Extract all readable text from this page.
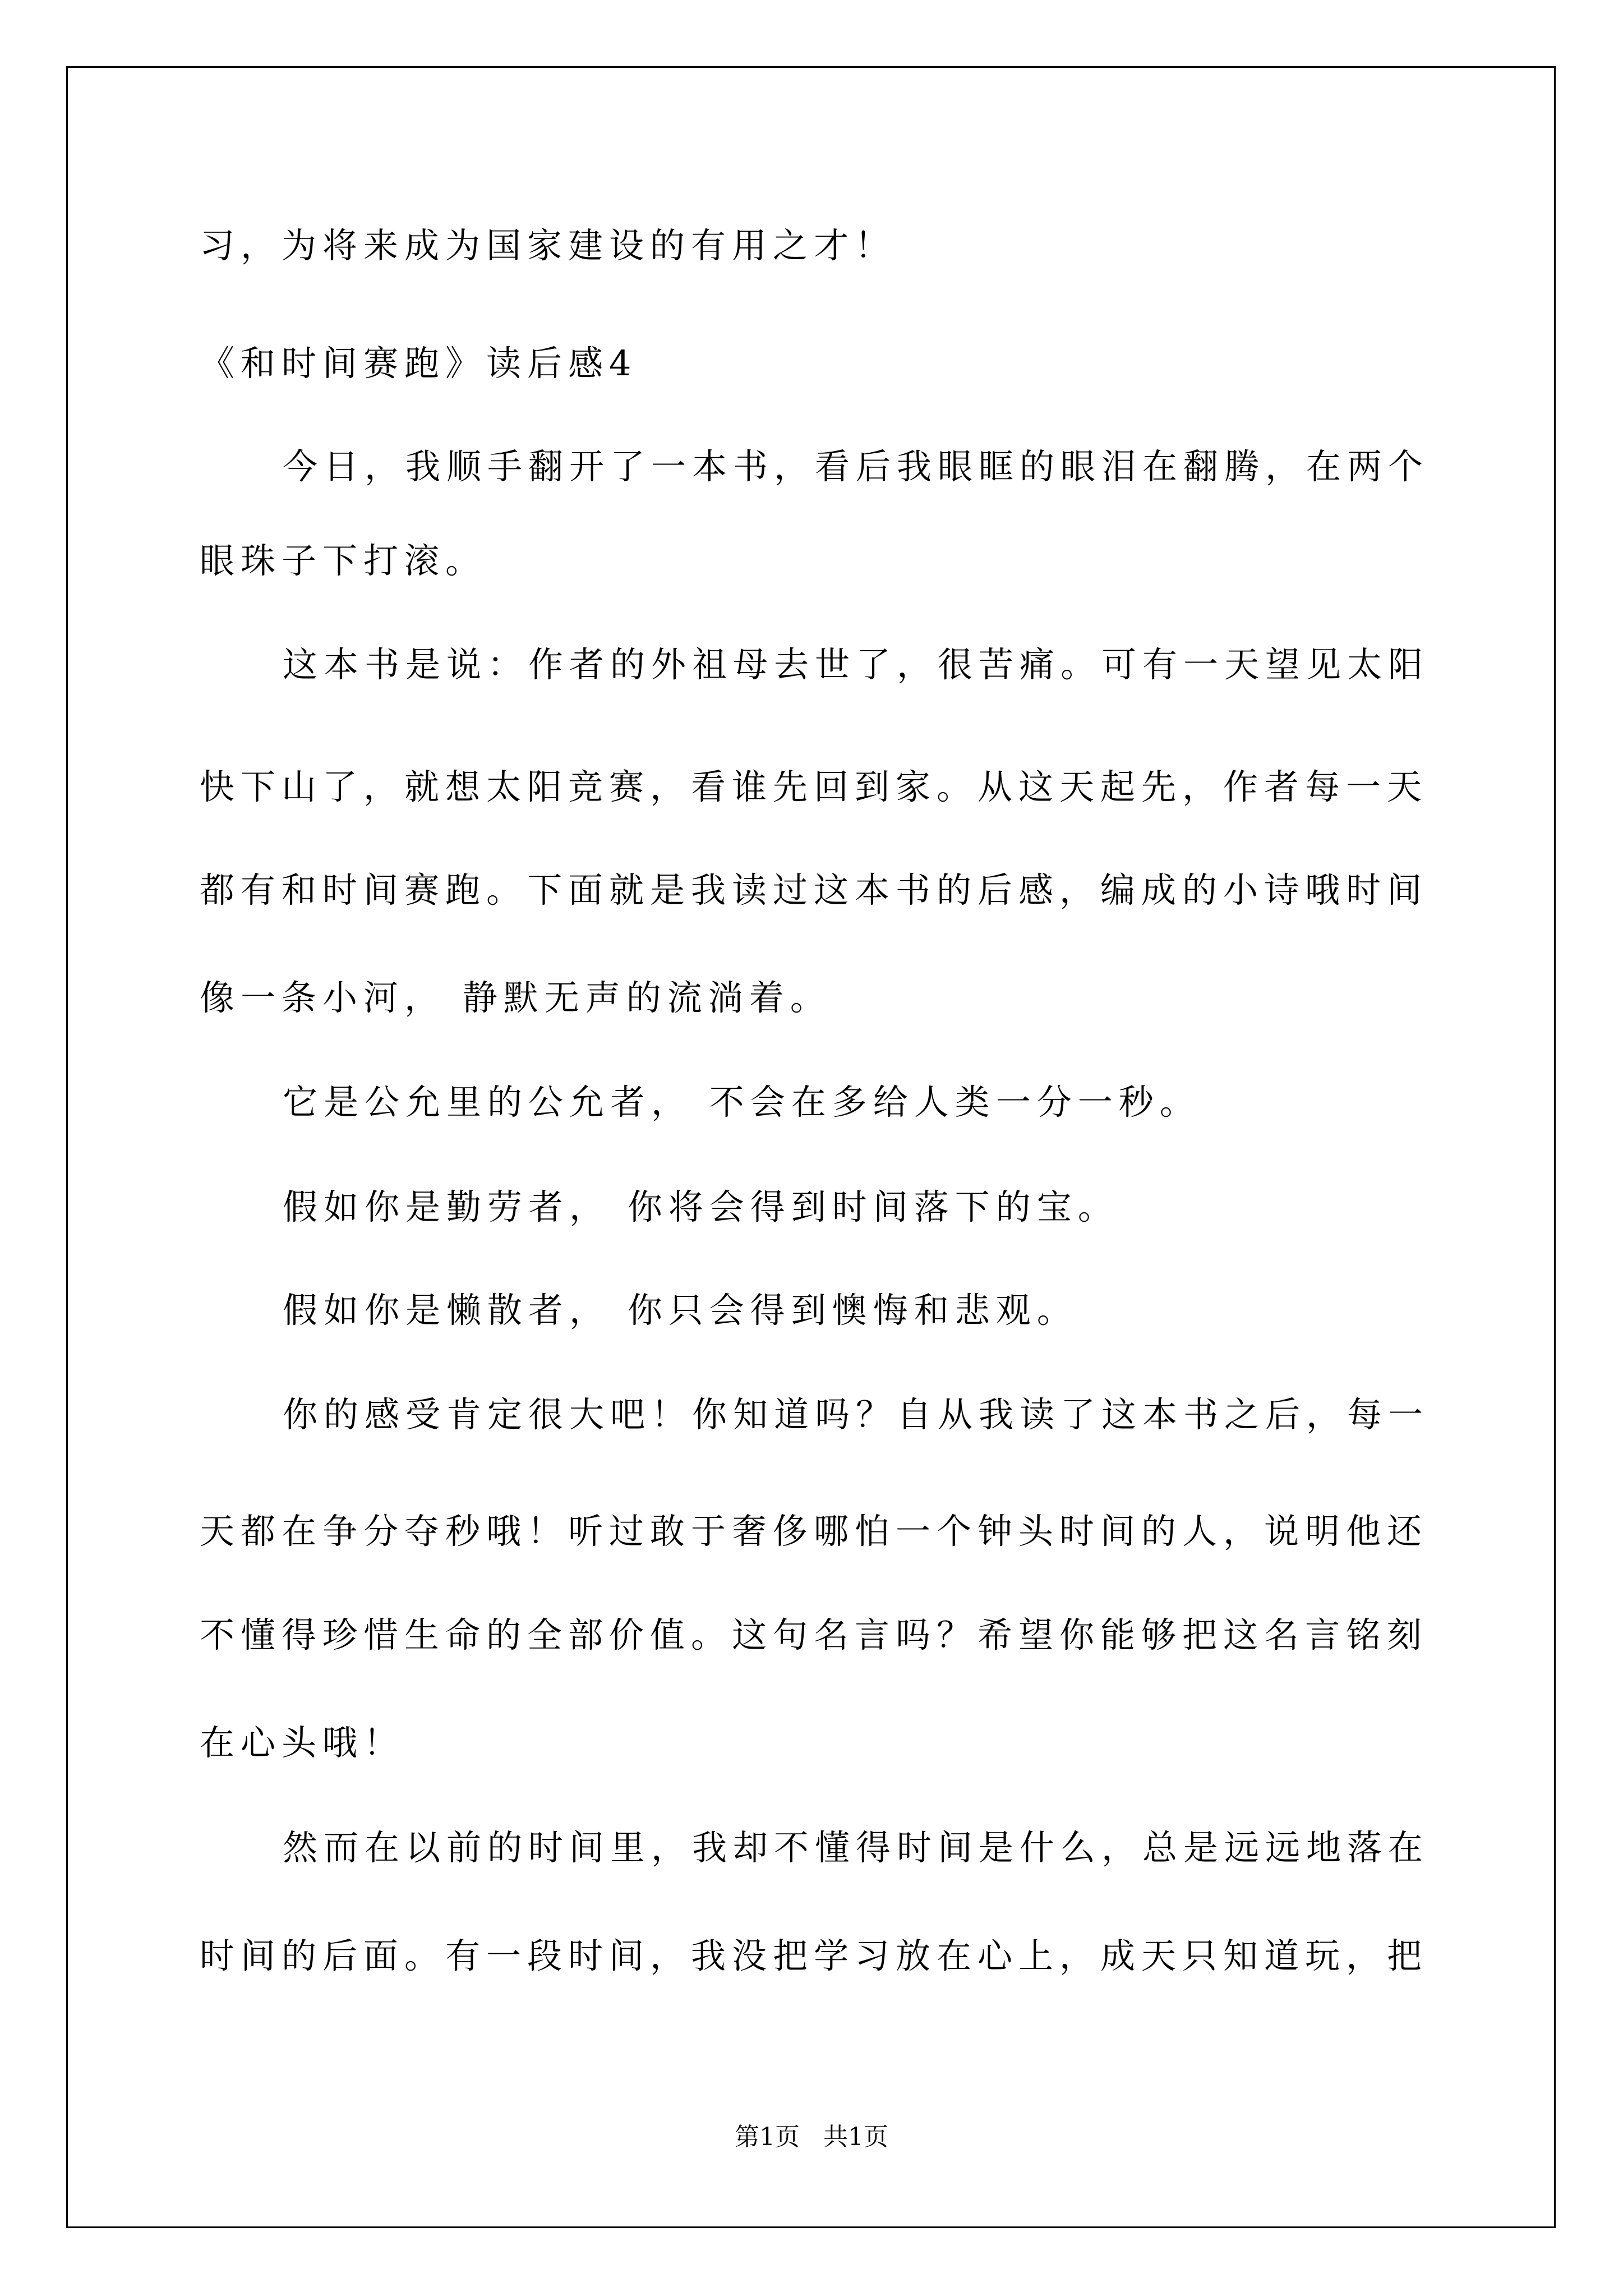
习，为将来成为国家建设的有用之才！
《和时间赛跑》读后感4
今日，我顺手翻开了一本书，看后我眼眶的眼泪在翻腾，在两个
眼珠子下打滚。
这本书是说：作者的外祖母去世了，很苦痛。可有一天望见太阳
快下山了，就想太阳竞赛，看谁先回到家。从这天起先，作者每一天
都有和时间赛跑。下面就是我读过这本书的后感，编成的小诗哦时间
像一条小河， 静默无声的流淌着。
它是公允里的公允者， 不会在多给人类一分一秒。
假如你是勤劳者， 你将会得到时间落下的宝。
假如你是懒散者， 你只会得到懊悔和悲观。
你的感受肯定很大吧！你知道吗？自从我读了这本书之后，每一
天都在争分夺秒哦！听过敢于奢侈哪怕一个钟头时间的人，说明他还
不懂得珍惜生命的全部价值。这句名言吗？希望你能够把这名言铭刻
在心头哦！
然而在以前的时间里，我却不懂得时间是什么，总是远远地落在
时间的后面。有一段时间，我没把学习放在心上，成天只知道玩，把
第1页   共1页
